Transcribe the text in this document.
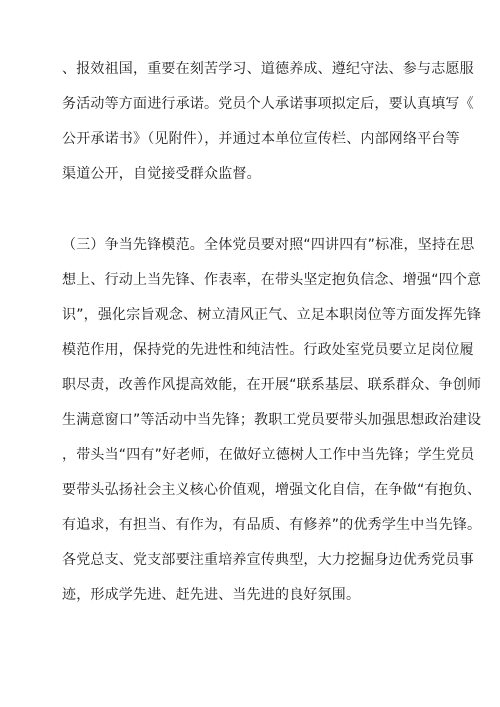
、报效祖国，重要在刻苦学习、道德养成、遵纪守法、参与志愿服
务活动等方面进行承诺。党员个人承诺事项拟定后，要认真填写《
公开承诺书》（见附件），并通过本单位宣传栏、内部网络平台等
渠道公开，自觉接受群众监督。
（三）争当先锋模范。全体党员要对照“四讲四有”标准，坚持在思
想上、行动上当先锋、作表率，在带头坚定抱负信念、增强“四个意
识”，强化宗旨观念、树立清风正气、立足本职岗位等方面发挥先锋
模范作用，保持党的先进性和纯洁性。行政处室党员要立足岗位履
职尽责，改善作风提高效能，在开展“联系基层、联系群众、争创师
生满意窗口”等活动中当先锋；教职工党员要带头加强思想政治建设
，带头当“四有”好老师，在做好立德树人工作中当先锋；学生党员
要带头弘扬社会主义核心价值观，增强文化自信，在争做“有抱负、
有追求，有担当、有作为，有品质、有修养”的优秀学生中当先锋。
各党总支、党支部要注重培养宣传典型，大力挖掘身边优秀党员事
迹，形成学先进、赶先进、当先进的良好氛围。
